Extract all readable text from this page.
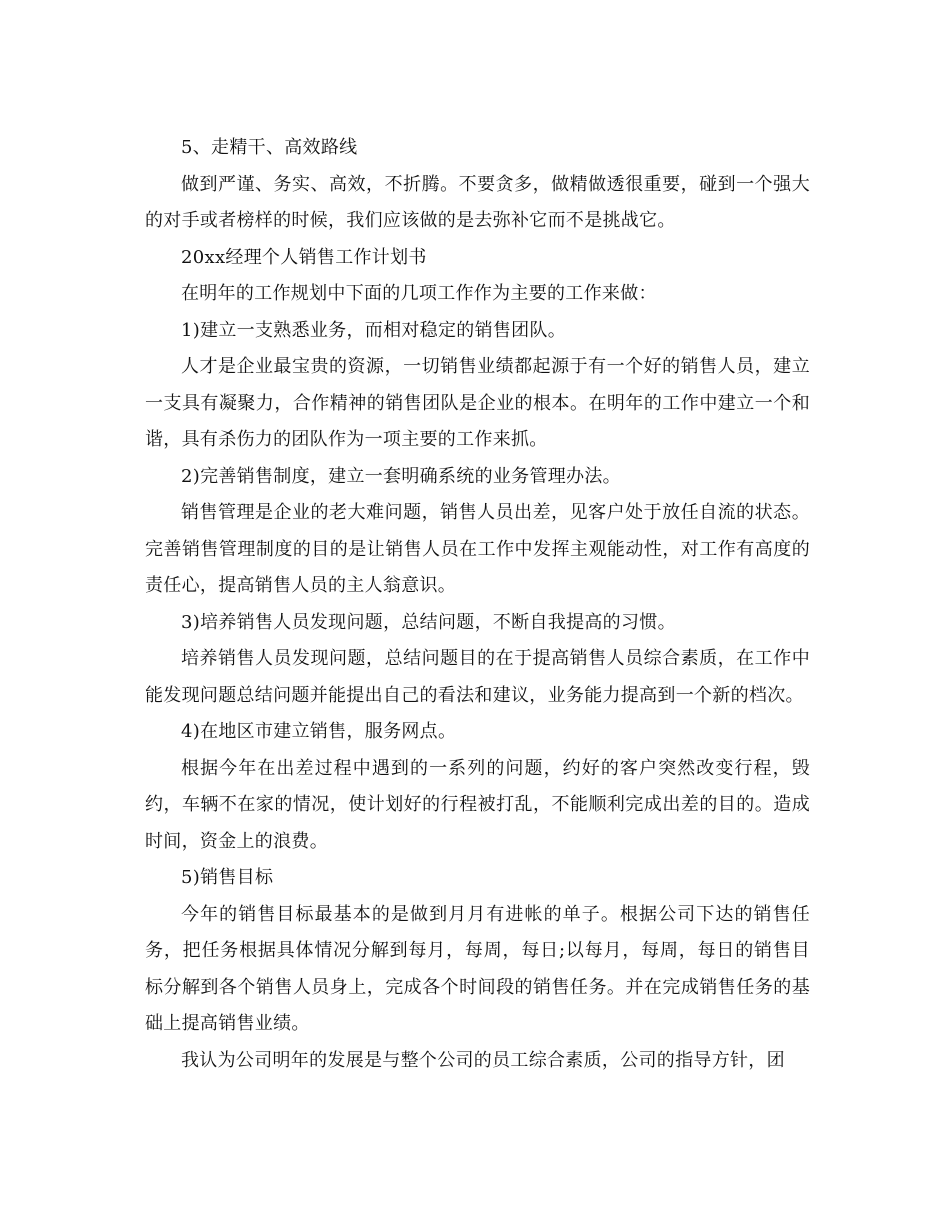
5、走精干、高效路线

做到严谨、务实、高效，不折腾。不要贪多，做精做透很重要，碰到一个强大的对手或者榜样的时候，我们应该做的是去弥补它而不是挑战它。

20xx经理个人销售工作计划书

在明年的工作规划中下面的几项工作作为主要的工作来做：

1)建立一支熟悉业务，而相对稳定的销售团队。

人才是企业最宝贵的资源，一切销售业绩都起源于有一个好的销售人员，建立一支具有凝聚力，合作精神的销售团队是企业的根本。在明年的工作中建立一个和谐，具有杀伤力的团队作为一项主要的工作来抓。

2)完善销售制度，建立一套明确系统的业务管理办法。

销售管理是企业的老大难问题，销售人员出差，见客户处于放任自流的状态。完善销售管理制度的目的是让销售人员在工作中发挥主观能动性，对工作有高度的责任心，提高销售人员的主人翁意识。

3)培养销售人员发现问题，总结问题，不断自我提高的习惯。

培养销售人员发现问题，总结问题目的在于提高销售人员综合素质，在工作中能发现问题总结问题并能提出自己的看法和建议，业务能力提高到一个新的档次。

4)在地区市建立销售，服务网点。

根据今年在出差过程中遇到的一系列的问题，约好的客户突然改变行程，毁约，车辆不在家的情况，使计划好的行程被打乱，不能顺利完成出差的目的。造成时间，资金上的浪费。

5)销售目标

今年的销售目标最基本的是做到月月有进帐的单子。根据公司下达的销售任务，把任务根据具体情况分解到每月，每周，每日;以每月，每周，每日的销售目标分解到各个销售人员身上，完成各个时间段的销售任务。并在完成销售任务的基础上提高销售业绩。

我认为公司明年的发展是与整个公司的员工综合素质，公司的指导方针，团
